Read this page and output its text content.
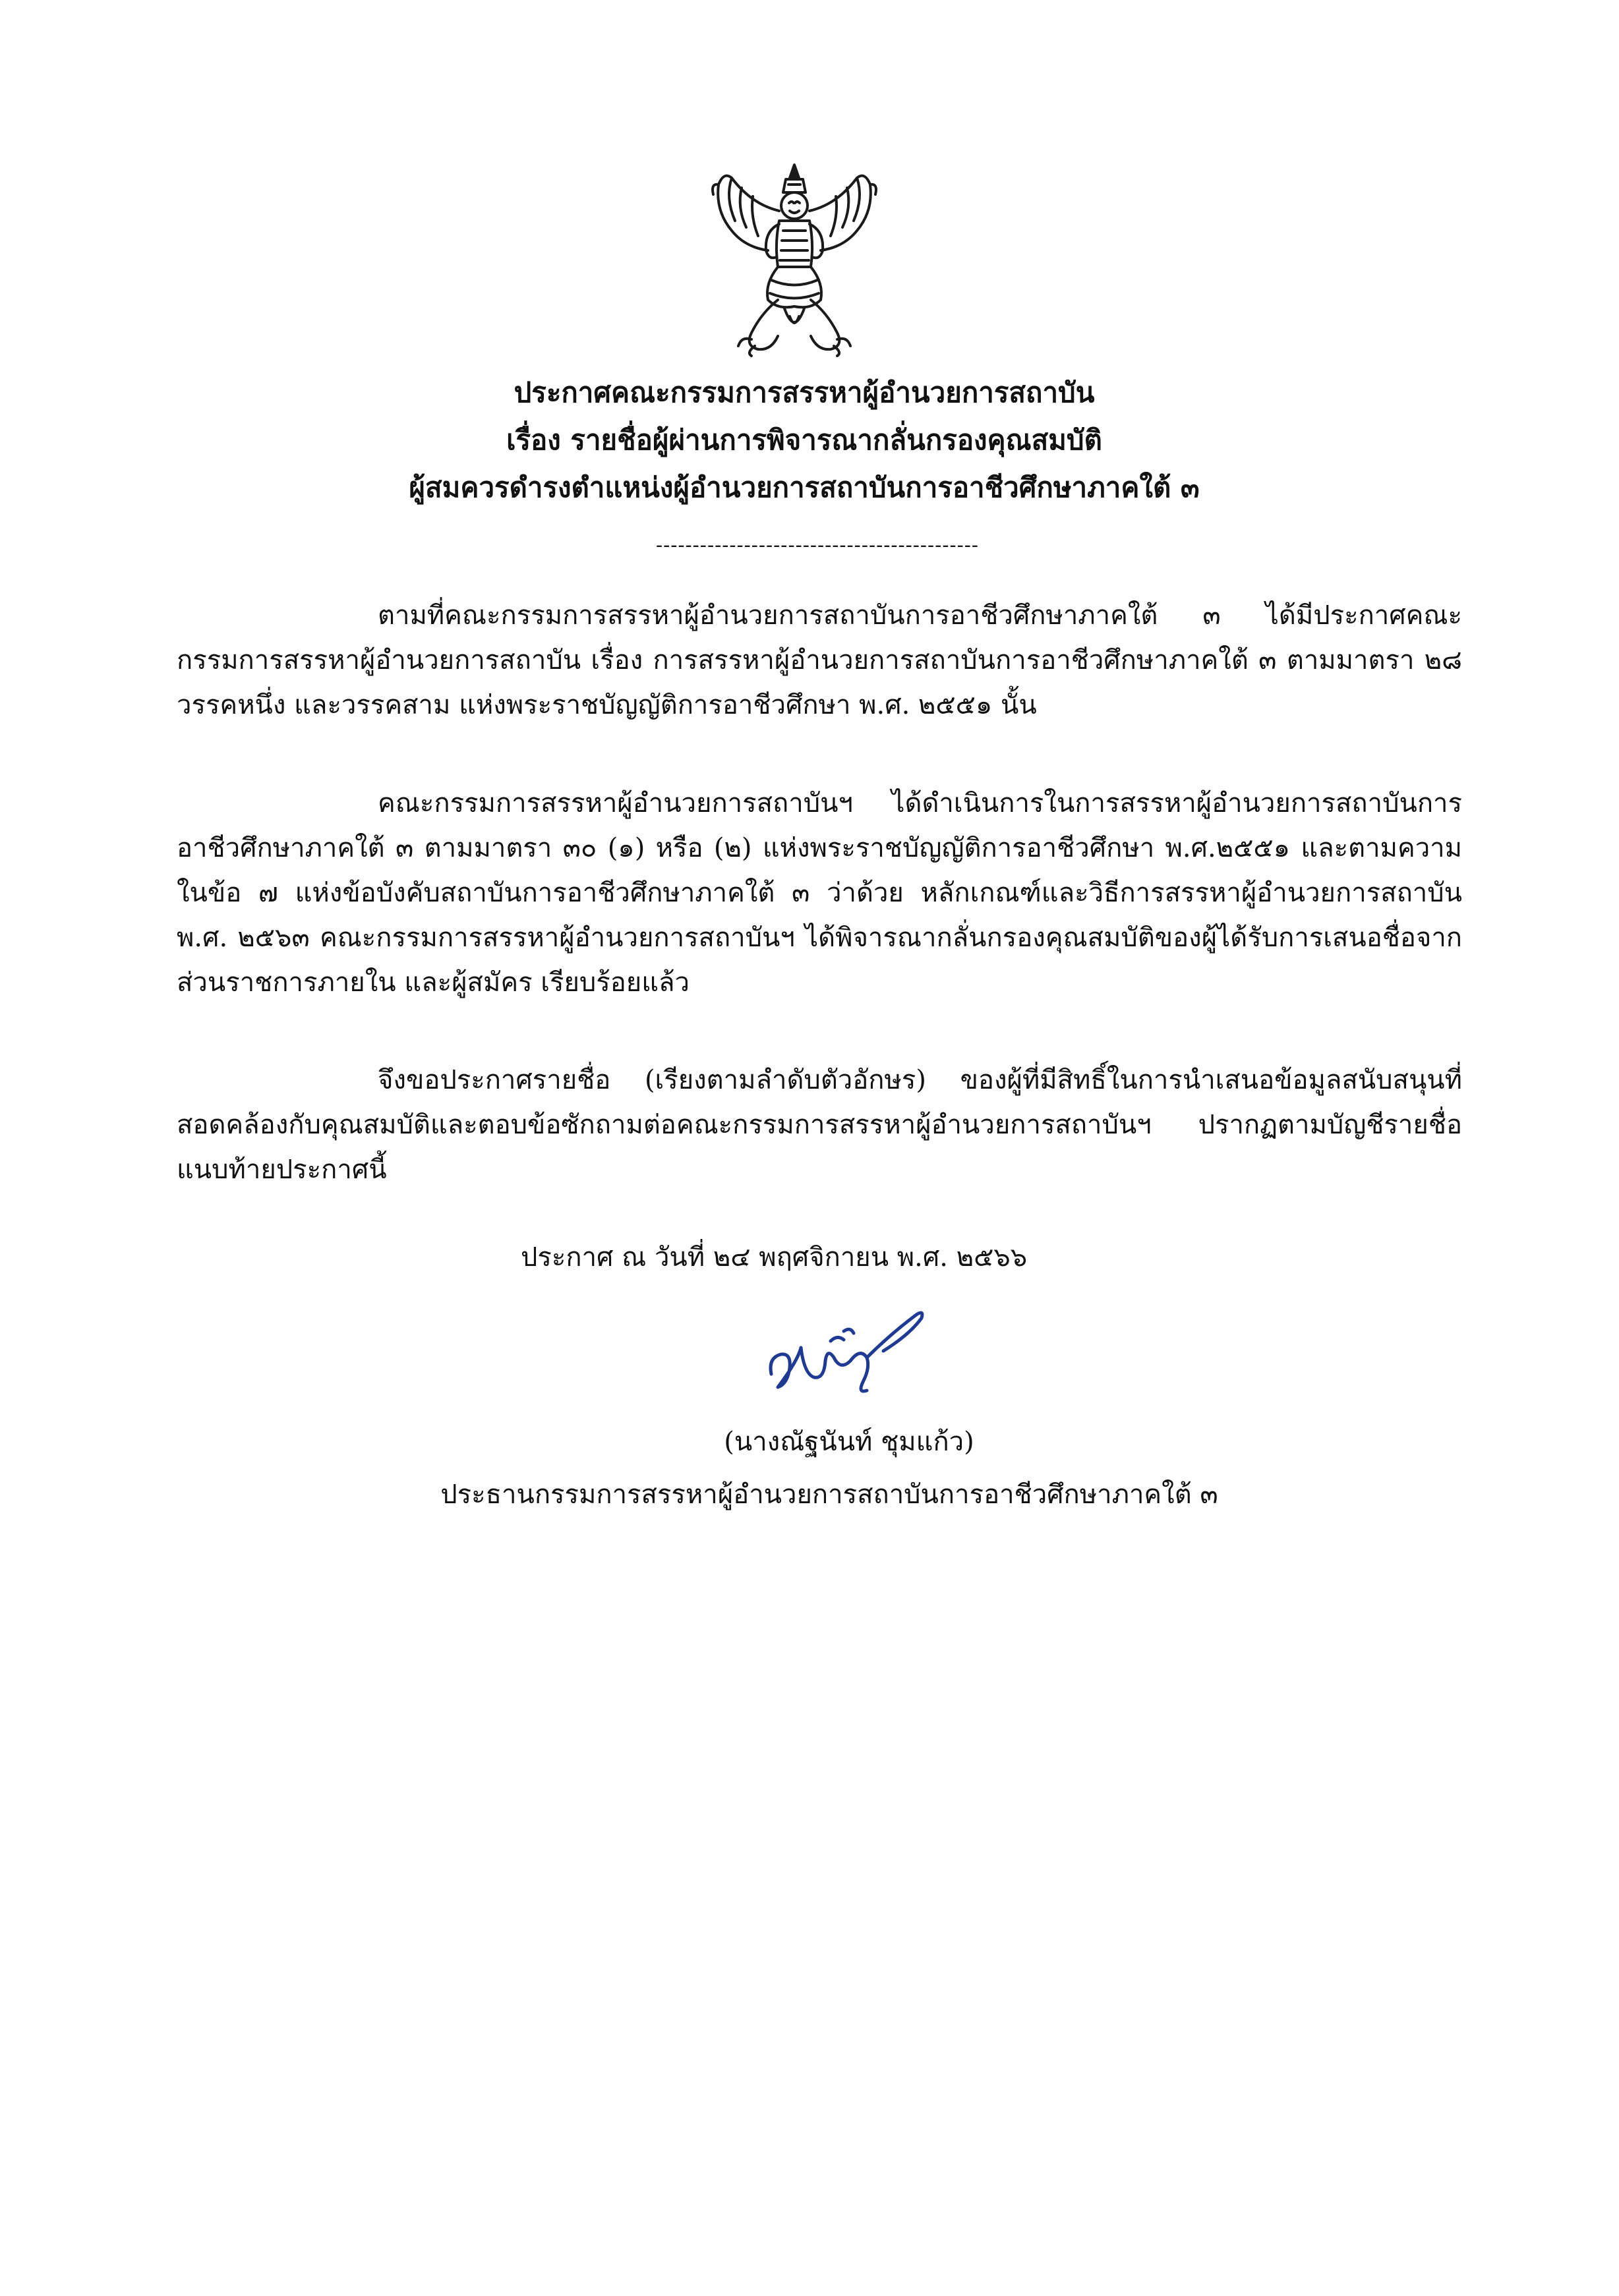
ประกาศคณะกรรมการสรรหาผู้อำนวยการสถาบัน
เรื่อง รายชื่อผู้ผ่านการพิจารณากลั่นกรองคุณสมบัติ
ผู้สมควรดำรงตำแหน่งผู้อำนวยการสถาบันการอาชีวศึกษาภาคใต้ ๓
--------------------------------------------

ตามที่คณะกรรมการสรรหาผู้อำนวยการสถาบันการอาชีวศึกษาภาคใต้ ๓ ได้มีประกาศคณะกรรมการสรรหาผู้อำนวยการสถาบัน เรื่อง การสรรหาผู้อำนวยการสถาบันการอาชีวศึกษาภาคใต้ ๓ ตามมาตรา ๒๘ วรรคหนึ่ง และวรรคสาม แห่งพระราชบัญญัติการอาชีวศึกษา พ.ศ. ๒๕๕๑ นั้น

คณะกรรมการสรรหาผู้อำนวยการสถาบันฯ ได้ดำเนินการในการสรรหาผู้อำนวยการสถาบันการอาชีวศึกษาภาคใต้ ๓ ตามมาตรา ๓๐ (๑) หรือ (๒) แห่งพระราชบัญญัติการอาชีวศึกษา พ.ศ.๒๕๕๑ และตามความในข้อ ๗ แห่งข้อบังคับสถาบันการอาชีวศึกษาภาคใต้ ๓ ว่าด้วย หลักเกณฑ์และวิธีการสรรหาผู้อำนวยการสถาบัน พ.ศ. ๒๕๖๓ คณะกรรมการสรรหาผู้อำนวยการสถาบันฯ ได้พิจารณากลั่นกรองคุณสมบัติของผู้ได้รับการเสนอชื่อจากส่วนราชการภายใน และผู้สมัคร เรียบร้อยแล้ว

จึงขอประกาศรายชื่อ (เรียงตามลำดับตัวอักษร) ของผู้ที่มีสิทธิ์ในการนำเสนอข้อมูลสนับสนุนที่สอดคล้องกับคุณสมบัติและตอบข้อซักถามต่อคณะกรรมการสรรหาผู้อำนวยการสถาบันฯ ปรากฏตามบัญชีรายชื่อแนบท้ายประกาศนี้

ประกาศ ณ วันที่ ๒๔ พฤศจิกายน พ.ศ. ๒๕๖๖
(นางณัฐนันท์ ชุมแก้ว)
ประธานกรรมการสรรหาผู้อำนวยการสถาบันการอาชีวศึกษาภาคใต้ ๓
